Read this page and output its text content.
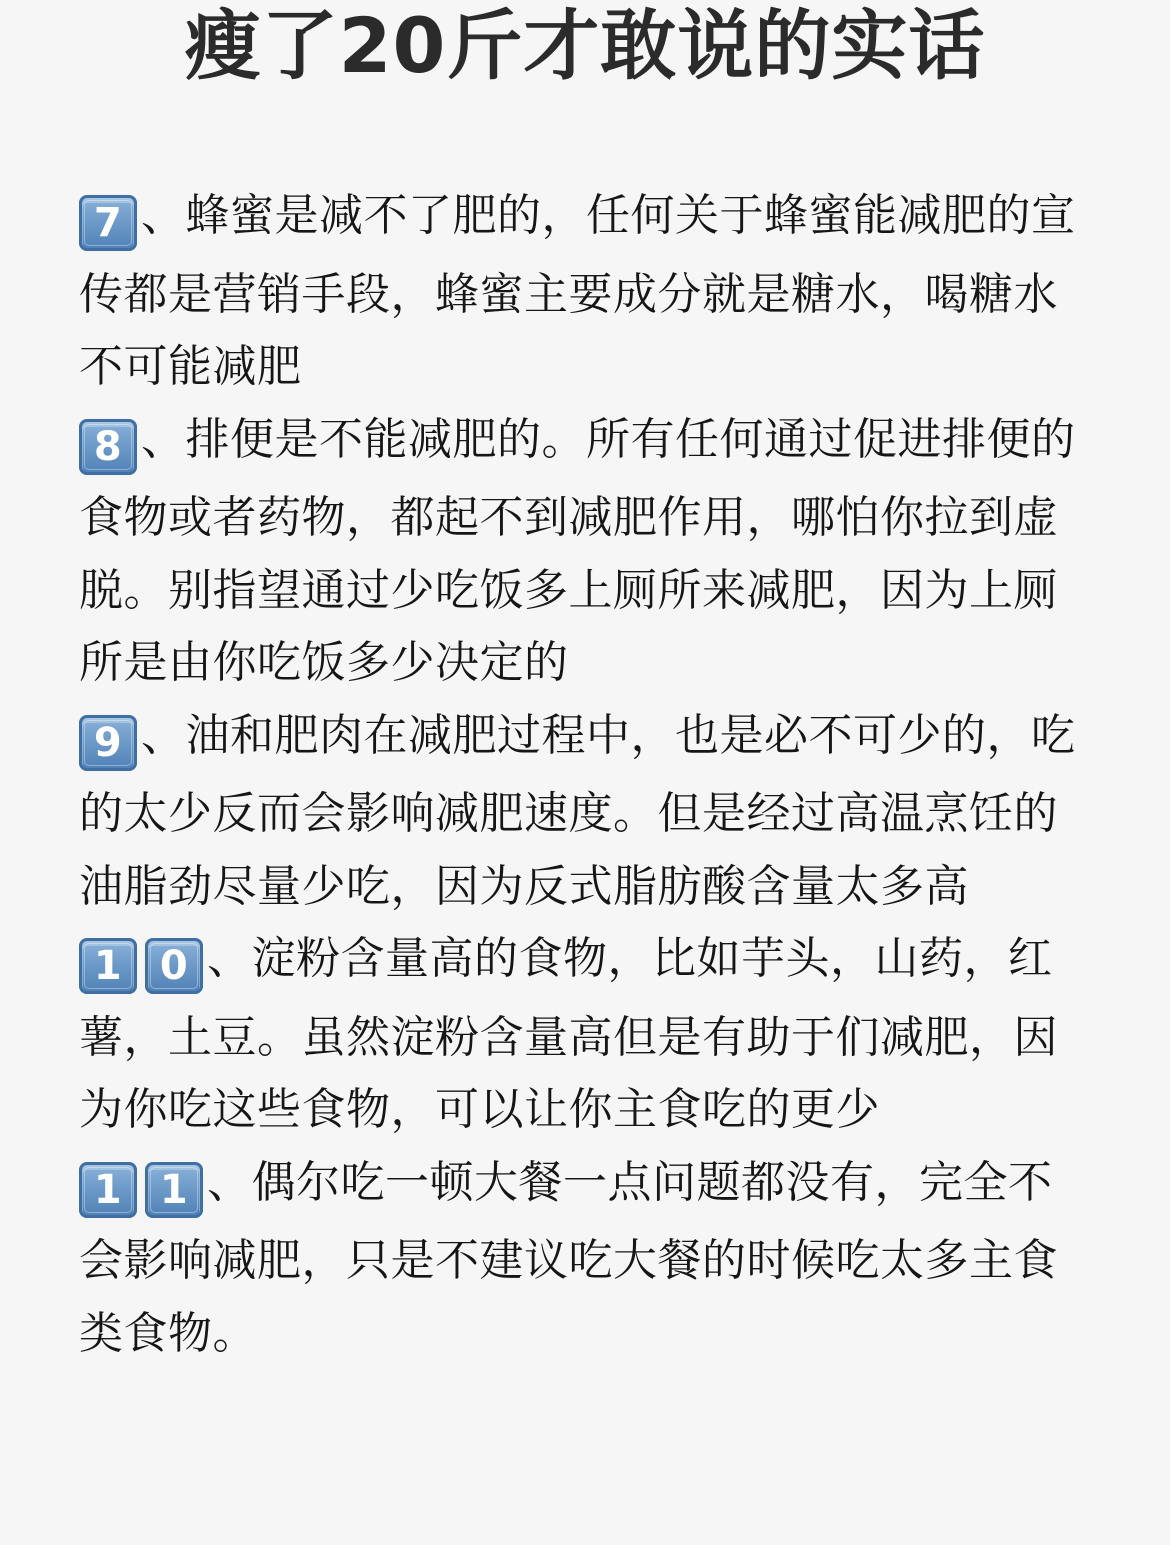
瘦了20斤才敢说的实话

7 、蜂蜜是减不了肥的，任何关于蜂蜜能减肥的宣传都是营销手段，蜂蜜主要成分就是糖水，喝糖水不可能减肥

8 、排便是不能减肥的。所有任何通过促进排便的食物或者药物，都起不到减肥作用，哪怕你拉到虚脱。别指望通过少吃饭多上厕所来减肥，因为上厕所是由你吃饭多少决定的

9 、油和肥肉在减肥过程中，也是必不可少的，吃的太少反而会影响减肥速度。但是经过高温烹饪的油脂劲尽量少吃，因为反式脂肪酸含量太多高

1 0 、淀粉含量高的食物，比如芋头，山药，红薯，土豆。虽然淀粉含量高但是有助于们减肥，因为你吃这些食物，可以让你主食吃的更少

1 1 、偶尔吃一顿大餐一点问题都没有，完全不会影响减肥，只是不建议吃大餐的时候吃太多主食类食物。
